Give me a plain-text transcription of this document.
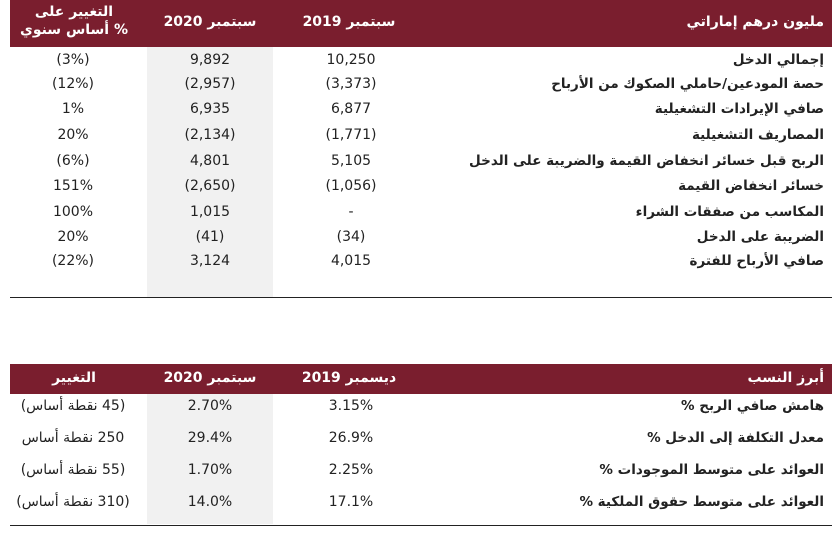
التغيير على أساس سنوي %	سبتمبر 2020	سبتمبر 2019	مليون درهم إماراتي
(3%)	9,892	10,250	إجمالي الدخل
(12%)	(2,957)	(3,373)	حصة المودعين/حاملي الصكوك من الأرباح
1%	6,935	6,877	صافي الإيرادات التشغيلية
20%	(2,134)	(1,771)	المصاريف التشغيلية
(6%)	4,801	5,105	الربح قبل خسائر انخفاض القيمة والضريبة على الدخل
151%	(2,650)	(1,056)	خسائر انخفاض القيمة
100%	1,015	-	المكاسب من صفقات الشراء
20%	(41)	(34)	الضريبة على الدخل
(22%)	3,124	4,015	صافي الأرباح للفترة
التغيير	سبتمبر 2020	ديسمبر 2019	أبرز النسب
(45 نقطة أساس)	2.70%	3.15%	هامش صافي الربح %
250 نقطة أساس	29.4%	26.9%	معدل التكلفة إلى الدخل %
(55 نقطة أساس)	1.70%	2.25%	العوائد على متوسط الموجودات %
(310 نقطة أساس)	14.0%	17.1%	العوائد على متوسط حقوق الملكية %
